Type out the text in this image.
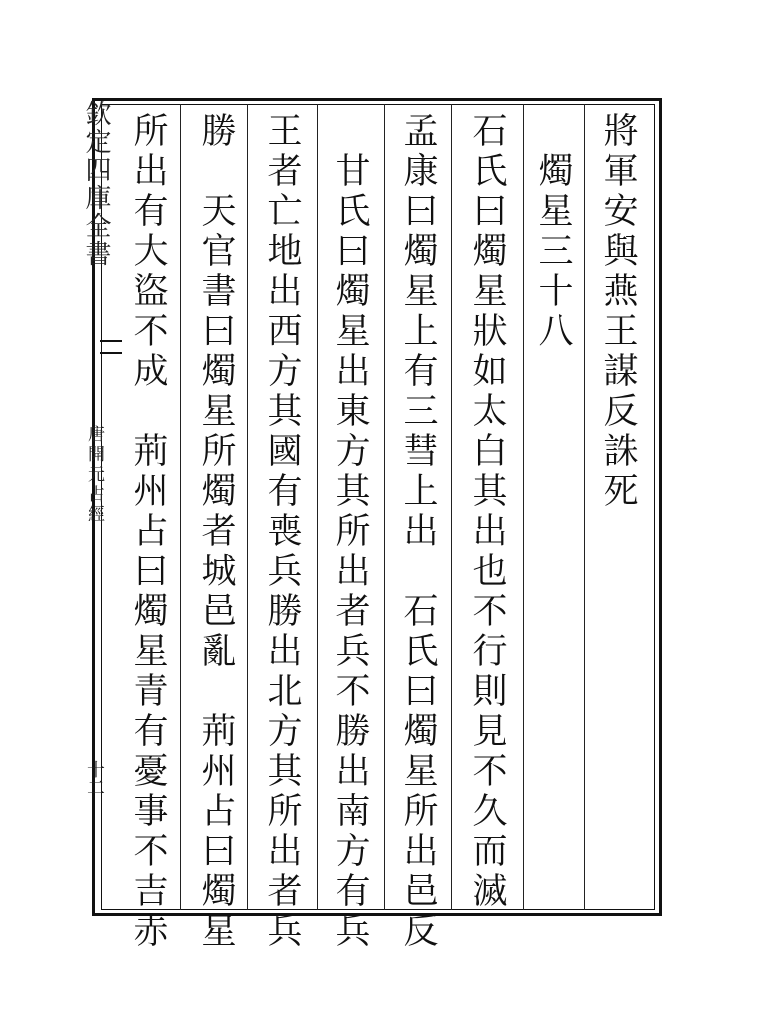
將軍安與燕王謀反誅死
　燭星三十八
石氏曰燭星狀如太白其出也不行則見不久而滅
孟康曰燭星上有三彗上出　石氏曰燭星所出邑反
　甘氏曰燭星出東方其所出者兵不勝出南方有兵
王者亡地出西方其國有喪兵勝出北方其所出者兵
勝　天官書曰燭星所燭者城邑亂　荊州占曰燭星
所出有大盜不成　荊州占曰燭星青有憂事不吉赤
欽定四庫全書
唐開元占經
十二
